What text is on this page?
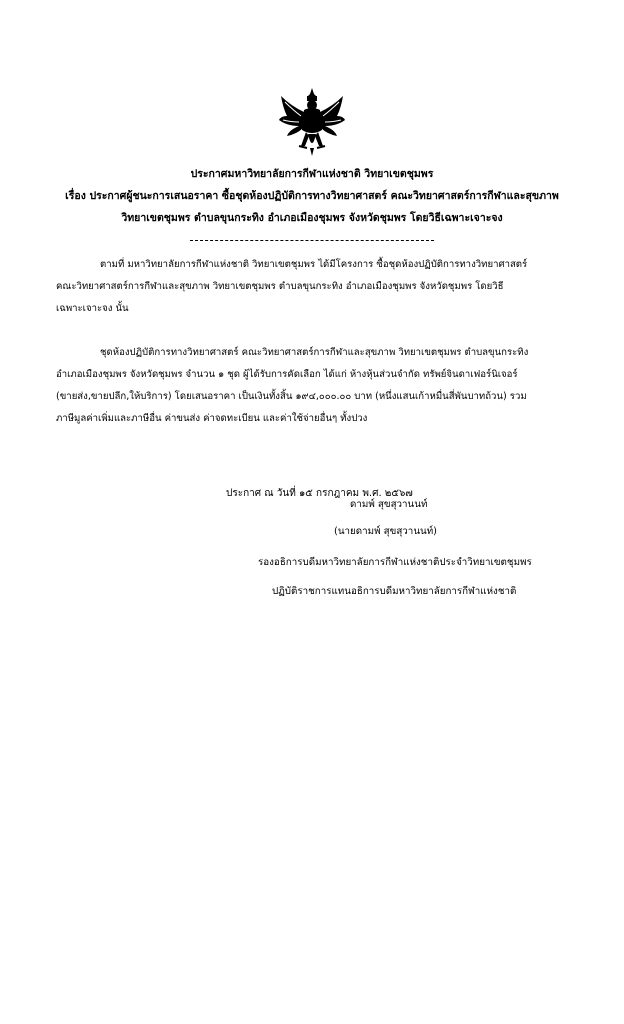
ประกาศมหาวิทยาลัยการกีฬาแห่งชาติ วิทยาเขตชุมพร
เรื่อง ประกาศผู้ชนะการเสนอราคา ซื้อชุดห้องปฏิบัติการทางวิทยาศาสตร์ คณะวิทยาศาสตร์การกีฬาและสุขภาพ
วิทยาเขตชุมพร ตำบลขุนกระทิง อำเภอเมืองชุมพร จังหวัดชุมพร โดยวิธีเฉพาะเจาะจง

ตามที่ มหาวิทยาลัยการกีฬาแห่งชาติ วิทยาเขตชุมพร ได้มีโครงการ ซื้อชุดห้องปฏิบัติการทางวิทยาศาสตร์
คณะวิทยาศาสตร์การกีฬาและสุขภาพ วิทยาเขตชุมพร ตำบลขุนกระทิง อำเภอเมืองชุมพร จังหวัดชุมพร โดยวิธี
เฉพาะเจาะจง นั้น

ชุดห้องปฏิบัติการทางวิทยาศาสตร์ คณะวิทยาศาสตร์การกีฬาและสุขภาพ วิทยาเขตชุมพร ตำบลขุนกระทิง
อำเภอเมืองชุมพร จังหวัดชุมพร จำนวน ๑ ชุด ผู้ได้รับการคัดเลือก ได้แก่ ห้างหุ้นส่วนจำกัด ทรัพย์จินดาเฟอร์นิเจอร์
(ขายส่ง,ขายปลีก,ให้บริการ) โดยเสนอราคา เป็นเงินทั้งสิ้น ๑๙๔,๐๐๐.๐๐ บาท (หนึ่งแสนเก้าหมื่นสี่พันบาทถ้วน) รวม
ภาษีมูลค่าเพิ่มและภาษีอื่น ค่าขนส่ง ค่าจดทะเบียน และค่าใช้จ่ายอื่นๆ ทั้งปวง

ประกาศ ณ วันที่ ๑๕ กรกฎาคม พ.ศ. ๒๕๖๗
ดามพ์ สุขสุวานนท์
(นายดามพ์ สุขสุวานนท์)
รองอธิการบดีมหาวิทยาลัยการกีฬาแห่งชาติประจำวิทยาเขตชุมพร
ปฏิบัติราชการแทนอธิการบดีมหาวิทยาลัยการกีฬาแห่งชาติ
